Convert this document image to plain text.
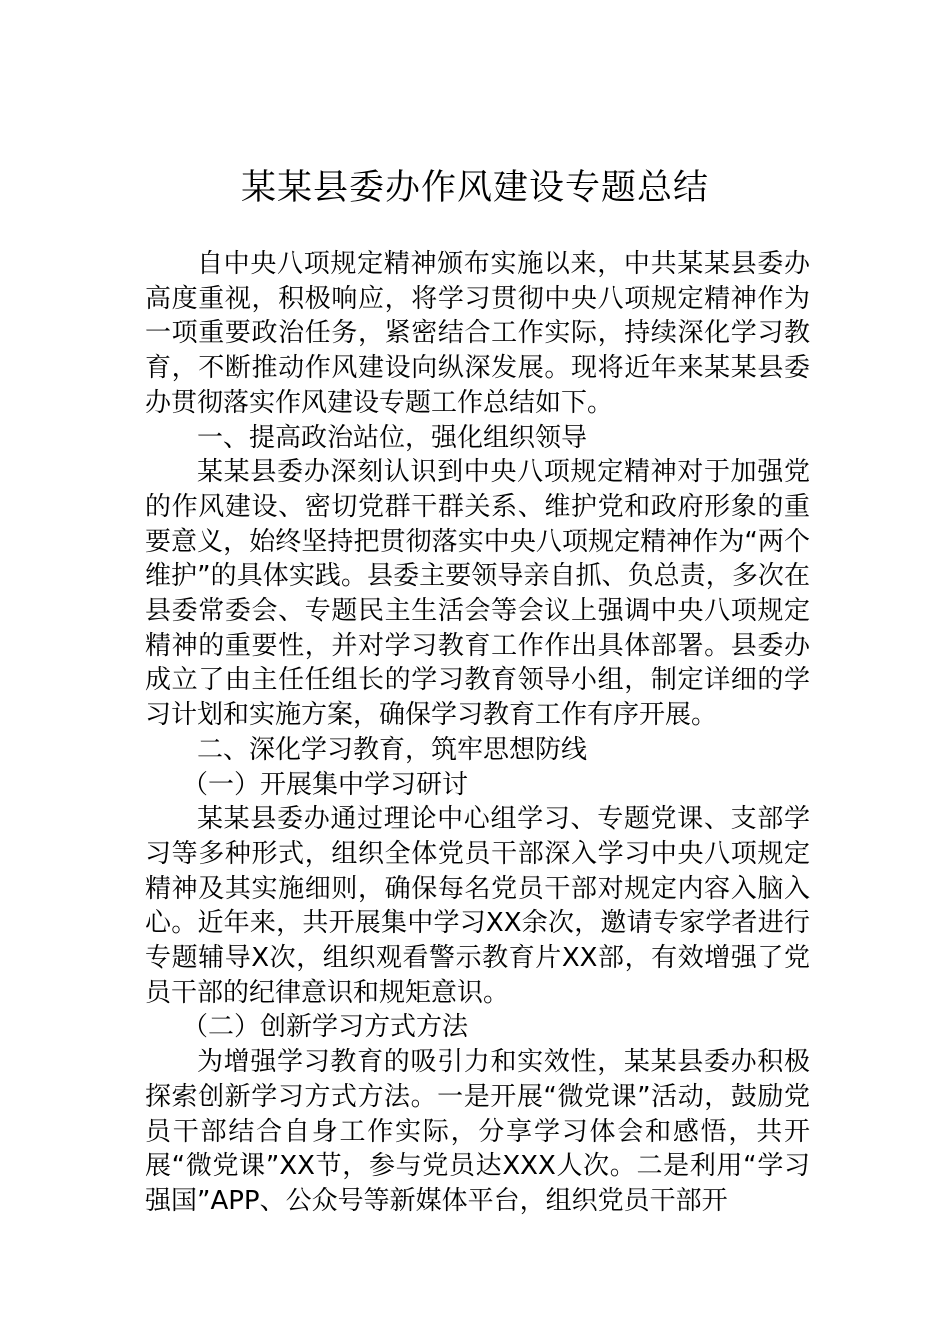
某某县委办作风建设专题总结

自中央八项规定精神颁布实施以来，中共某某县委办高度重视，积极响应，将学习贯彻中央八项规定精神作为一项重要政治任务，紧密结合工作实际，持续深化学习教育，不断推动作风建设向纵深发展。现将近年来某某县委办贯彻落实作风建设专题工作总结如下。

一、提高政治站位，强化组织领导

某某县委办深刻认识到中央八项规定精神对于加强党的作风建设、密切党群干群关系、维护党和政府形象的重要意义，始终坚持把贯彻落实中央八项规定精神作为“两个维护”的具体实践。县委主要领导亲自抓、负总责，多次在县委常委会、专题民主生活会等会议上强调中央八项规定精神的重要性，并对学习教育工作作出具体部署。县委办成立了由主任任组长的学习教育领导小组，制定详细的学习计划和实施方案，确保学习教育工作有序开展。

二、深化学习教育，筑牢思想防线

（一）开展集中学习研讨

某某县委办通过理论中心组学习、专题党课、支部学习等多种形式，组织全体党员干部深入学习中央八项规定精神及其实施细则，确保每名党员干部对规定内容入脑入心。近年来，共开展集中学习XX余次，邀请专家学者进行专题辅导X次，组织观看警示教育片XX部，有效增强了党员干部的纪律意识和规矩意识。

（二）创新学习方式方法

为增强学习教育的吸引力和实效性，某某县委办积极探索创新学习方式方法。一是开展“微党课”活动，鼓励党员干部结合自身工作实际，分享学习体会和感悟，共开展“微党课”XX节，参与党员达XXX人次。二是利用“学习强国”APP、公众号等新媒体平台，组织党员干部开
